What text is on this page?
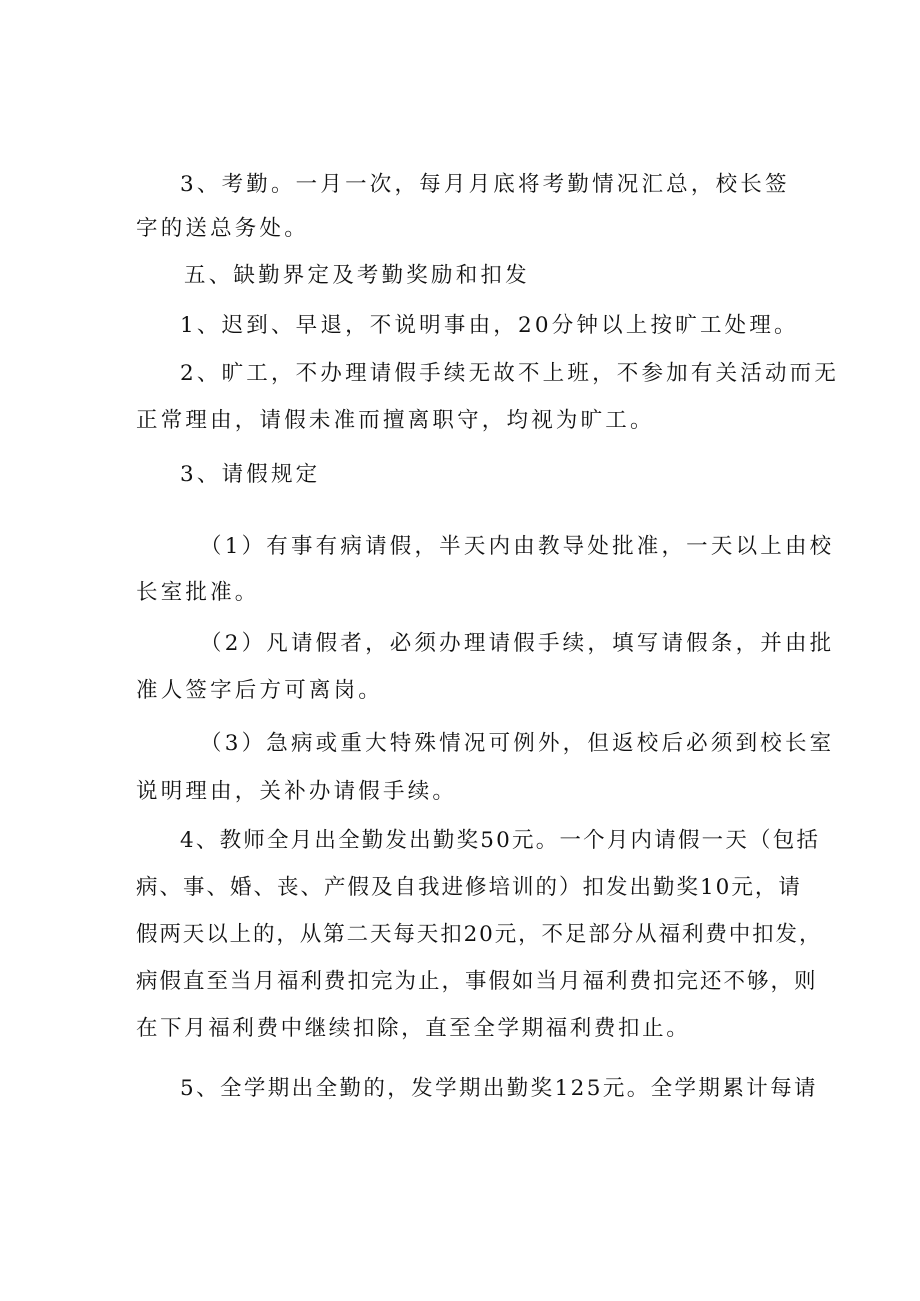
3、考勤。一月一次，每月月底将考勤情况汇总，校长签
字的送总务处。
五、缺勤界定及考勤奖励和扣发
1、迟到、早退，不说明事由，20分钟以上按旷工处理。
2、旷工，不办理请假手续无故不上班，不参加有关活动而无
正常理由，请假未准而擅离职守，均视为旷工。
3、请假规定
（1）有事有病请假，半天内由教导处批准，一天以上由校
长室批准。
（2）凡请假者，必须办理请假手续，填写请假条，并由批
准人签字后方可离岗。
（3）急病或重大特殊情况可例外，但返校后必须到校长室
说明理由，关补办请假手续。
4、教师全月出全勤发出勤奖50元。一个月内请假一天（包括
病、事、婚、丧、产假及自我进修培训的）扣发出勤奖10元，请
假两天以上的，从第二天每天扣20元，不足部分从福利费中扣发，
病假直至当月福利费扣完为止，事假如当月福利费扣完还不够，则
在下月福利费中继续扣除，直至全学期福利费扣止。
5、全学期出全勤的，发学期出勤奖125元。全学期累计每请
